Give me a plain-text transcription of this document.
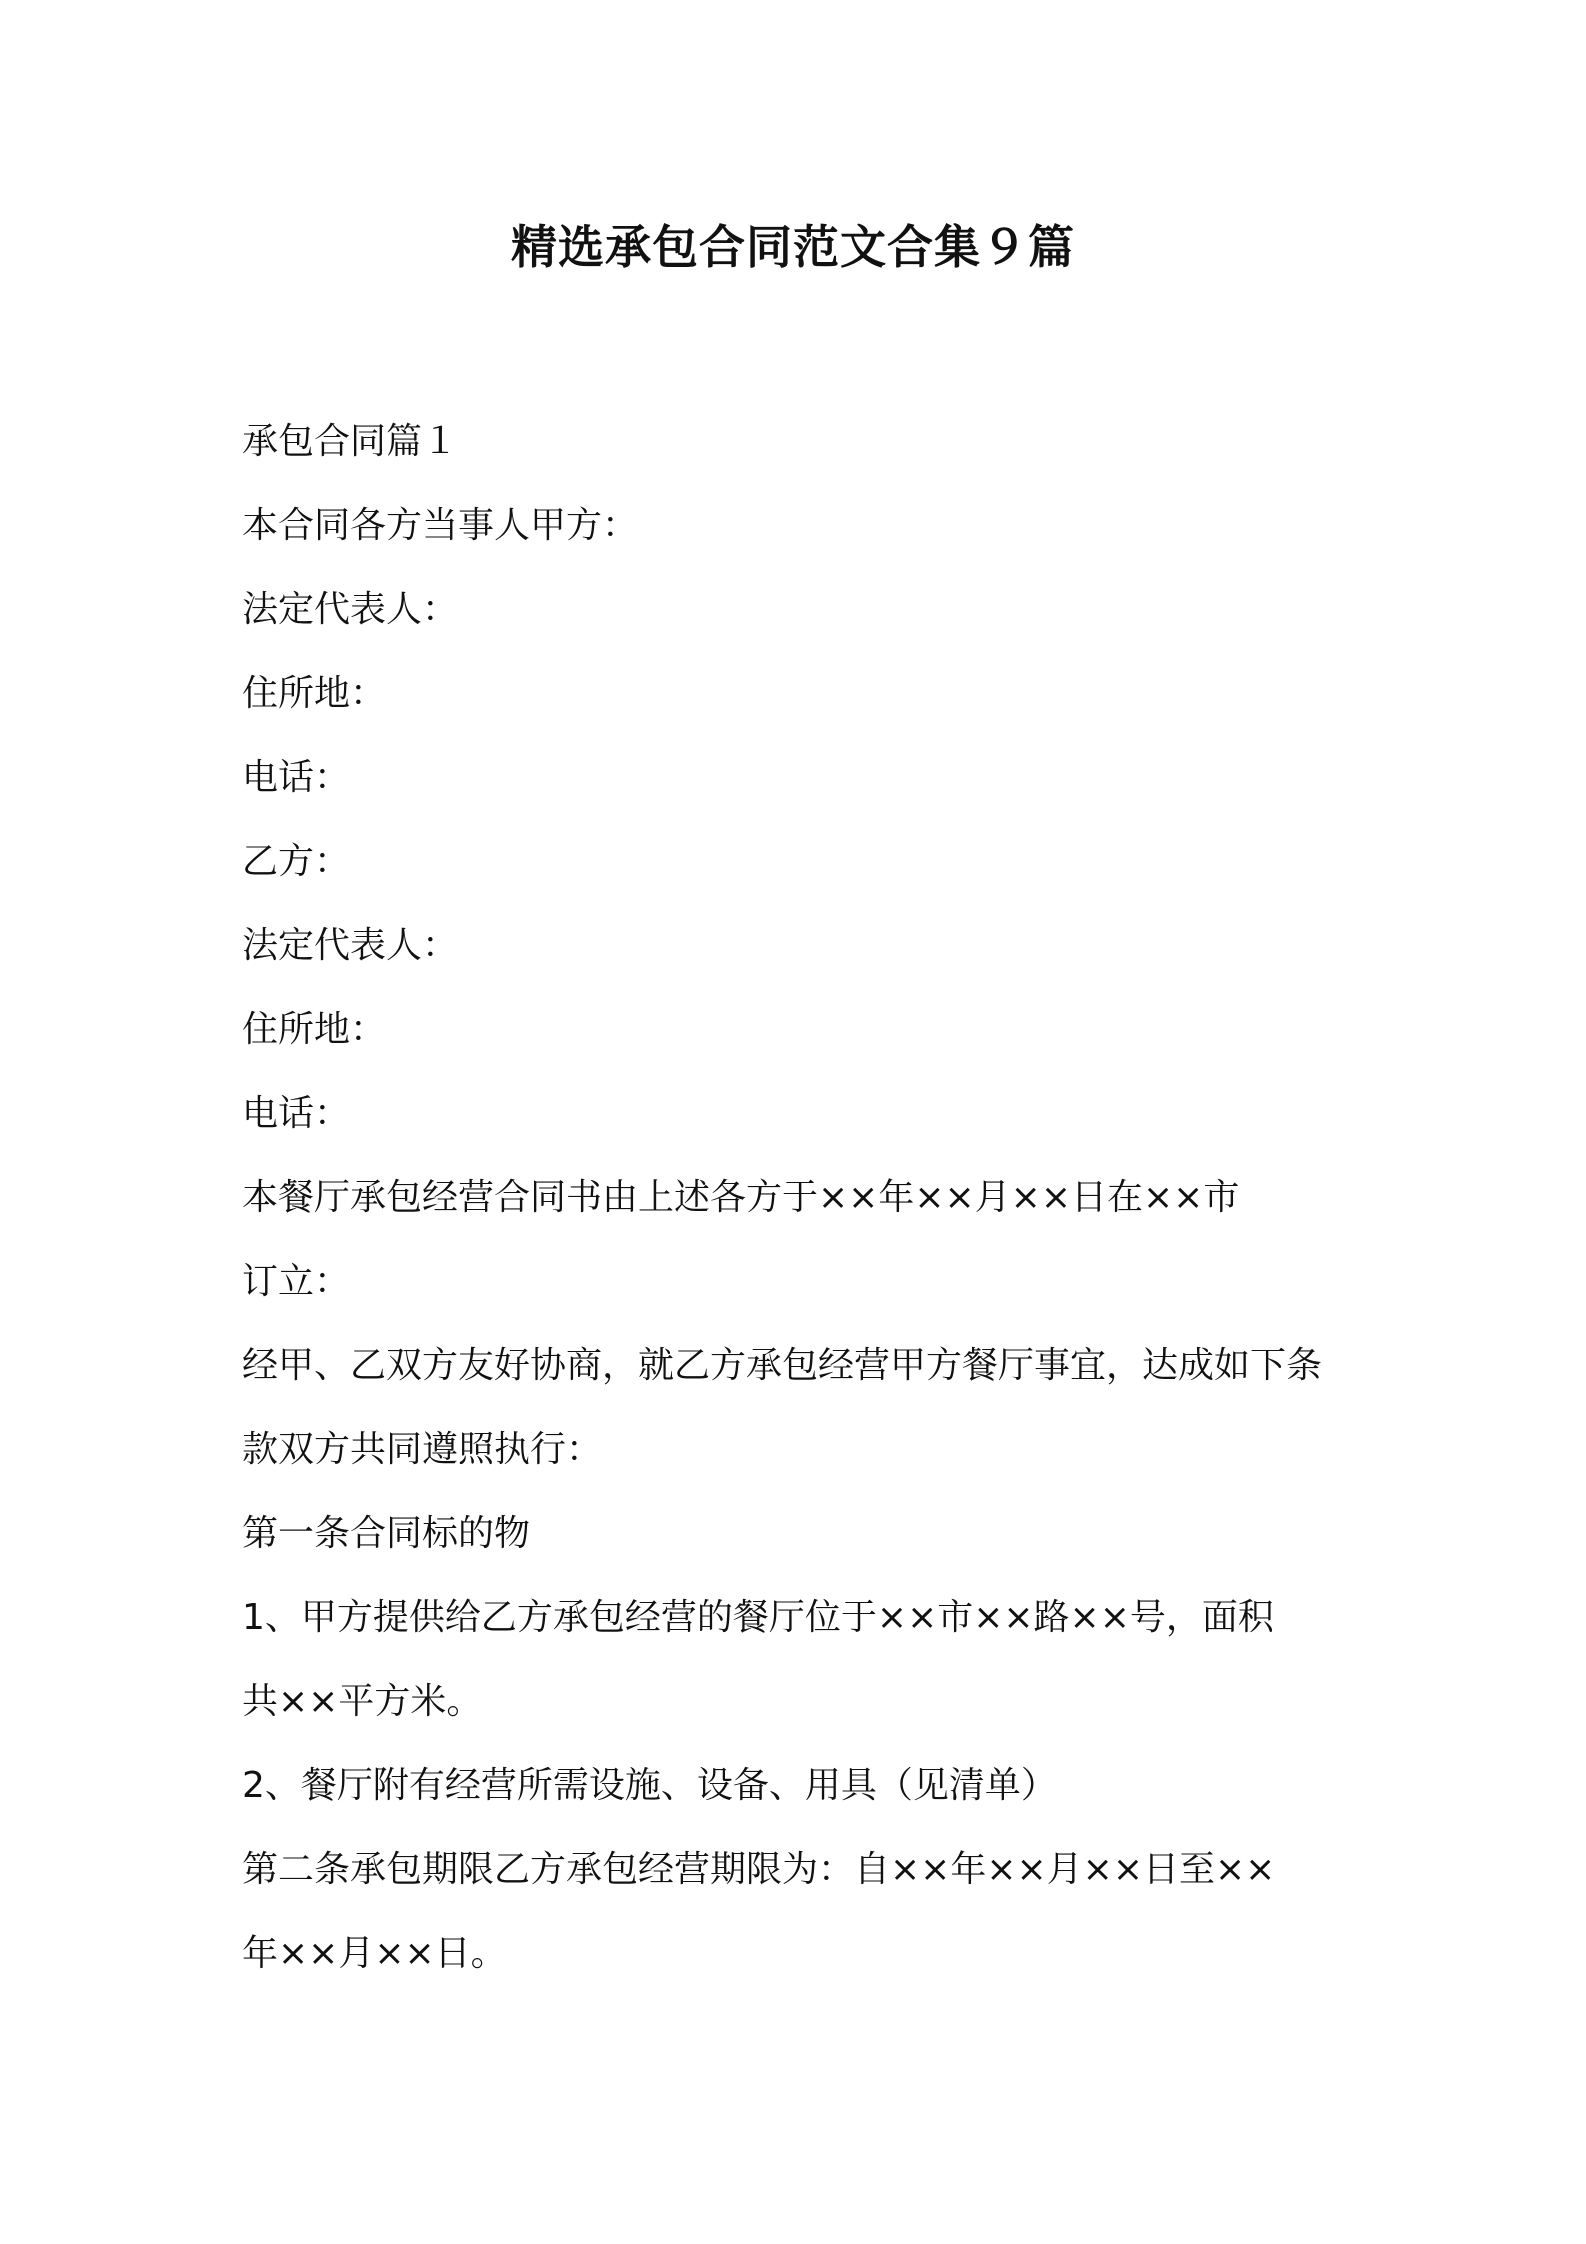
精选承包合同范文合集９篇

承包合同篇１

本合同各方当事人甲方：

法定代表人：

住所地：

电话：

乙方：

法定代表人：

住所地：

电话：

本餐厅承包经营合同书由上述各方于××年××月××日在××市

订立：

经甲、乙双方友好协商，就乙方承包经营甲方餐厅事宜，达成如下条

款双方共同遵照执行：

第一条合同标的物

1、甲方提供给乙方承包经营的餐厅位于××市××路××号，面积

共××平方米。

2、餐厅附有经营所需设施、设备、用具（见清单）

第二条承包期限乙方承包经营期限为：自××年××月××日至××

年××月××日。
